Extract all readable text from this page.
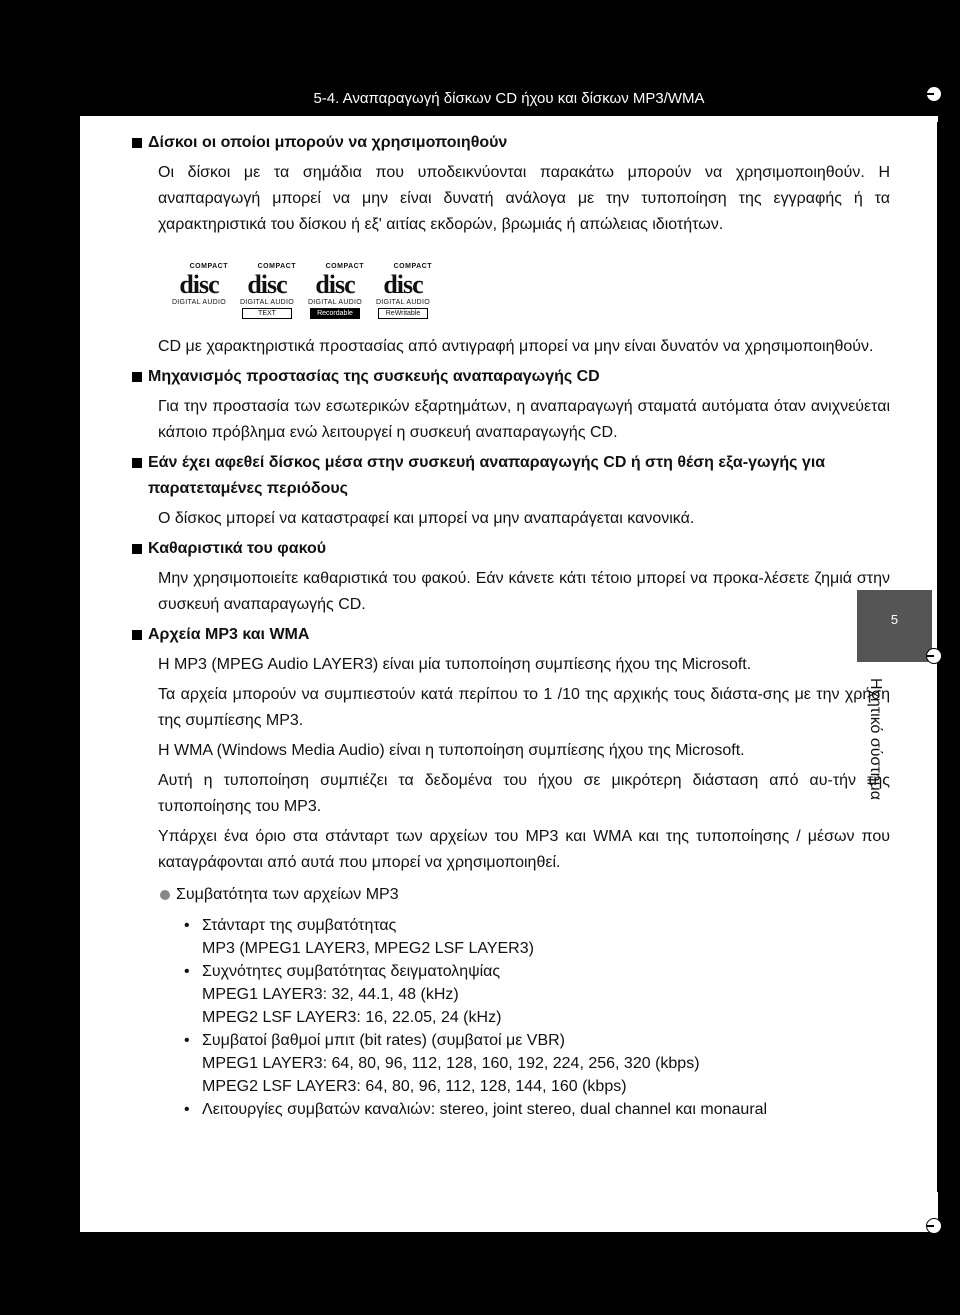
5-4. Αναπαραγωγή δίσκων CD ήχου και δίσκων MP3/WMA
Δίσκοι οι οποίοι μπορούν να χρησιμοποιηθούν
Οι δίσκοι με τα σημάδια που υποδεικνύονται παρακάτω μπορούν να χρησιμοποιηθούν. Η αναπαραγωγή μπορεί να μην είναι δυνατή ανάλογα με την τυποποίηση της εγγραφής ή τα χαρακτηριστικά του δίσκου ή εξ' αιτίας εκδορών, βρωμιάς ή απώλειας ιδιοτήτων.
COMPACT
disc
DIGITAL AUDIO
COMPACT
disc
DIGITAL AUDIO
TEXT
COMPACT
disc
DIGITAL AUDIO
Recordable
COMPACT
disc
DIGITAL AUDIO
ReWritable
CD με χαρακτηριστικά προστασίας από αντιγραφή μπορεί να μην είναι δυνατόν να χρησιμοποιηθούν.
Μηχανισμός προστασίας της συσκευής αναπαραγωγής CD
Για την προστασία των εσωτερικών εξαρτημάτων, η αναπαραγωγή σταματά αυτόματα όταν ανιχνεύεται κάποιο πρόβλημα ενώ λειτουργεί η συσκευή αναπαραγωγής CD.
Εάν έχει αφεθεί δίσκος μέσα στην συσκευή αναπαραγωγής CD ή στη θέση εξα-γωγής για παρατεταμένες περιόδους
Ο δίσκος μπορεί να καταστραφεί και μπορεί να μην αναπαράγεται κανονικά.
Καθαριστικά του φακού
Μην χρησιμοποιείτε καθαριστικά του φακού. Εάν κάνετε κάτι τέτοιο μπορεί να προκα-λέσετε ζημιά στην συσκευή αναπαραγωγής CD.
Αρχεία MP3 και WMA
Η MP3 (MPEG Audio LAYER3) είναι μία τυποποίηση συμπίεσης ήχου της Microsoft.
Τα αρχεία μπορούν να συμπιεστούν κατά περίπου το 1 /10 της αρχικής τους διάστα-σης με την χρήση της συμπίεσης MP3.
Η WMA (Windows Media Audio) είναι η τυποποίηση συμπίεσης ήχου της Microsoft.
Αυτή η τυποποίηση συμπιέζει τα δεδομένα του ήχου σε μικρότερη διάσταση από αυ-τήν της τυποποίησης του MP3.
Υπάρχει ένα όριο στα στάνταρτ των αρχείων του MP3 και WMA και της τυποποίησης / μέσων που καταγράφονται από αυτά που μπορεί να χρησιμοποιηθεί.
Συμβατότητα των αρχείων MP3
• Στάνταρτ της συμβατότητας
MP3 (MPEG1 LAYER3, MPEG2 LSF LAYER3)
• Συχνότητες συμβατότητας δειγματοληψίας
MPEG1 LAYER3: 32, 44.1, 48 (kHz)
MPEG2 LSF LAYER3: 16, 22.05, 24 (kHz)
• Συμβατοί βαθμοί μπιτ (bit rates) (συμβατοί με VBR)
MPEG1 LAYER3: 64, 80, 96, 112, 128, 160, 192, 224, 256, 320 (kbps)
MPEG2 LSF LAYER3: 64, 80, 96, 112, 128, 144, 160 (kbps)
• Λειτουργίες συμβατών καναλιών: stereo, joint stereo, dual channel και monaural
5
Ηχητικό σύστημα
